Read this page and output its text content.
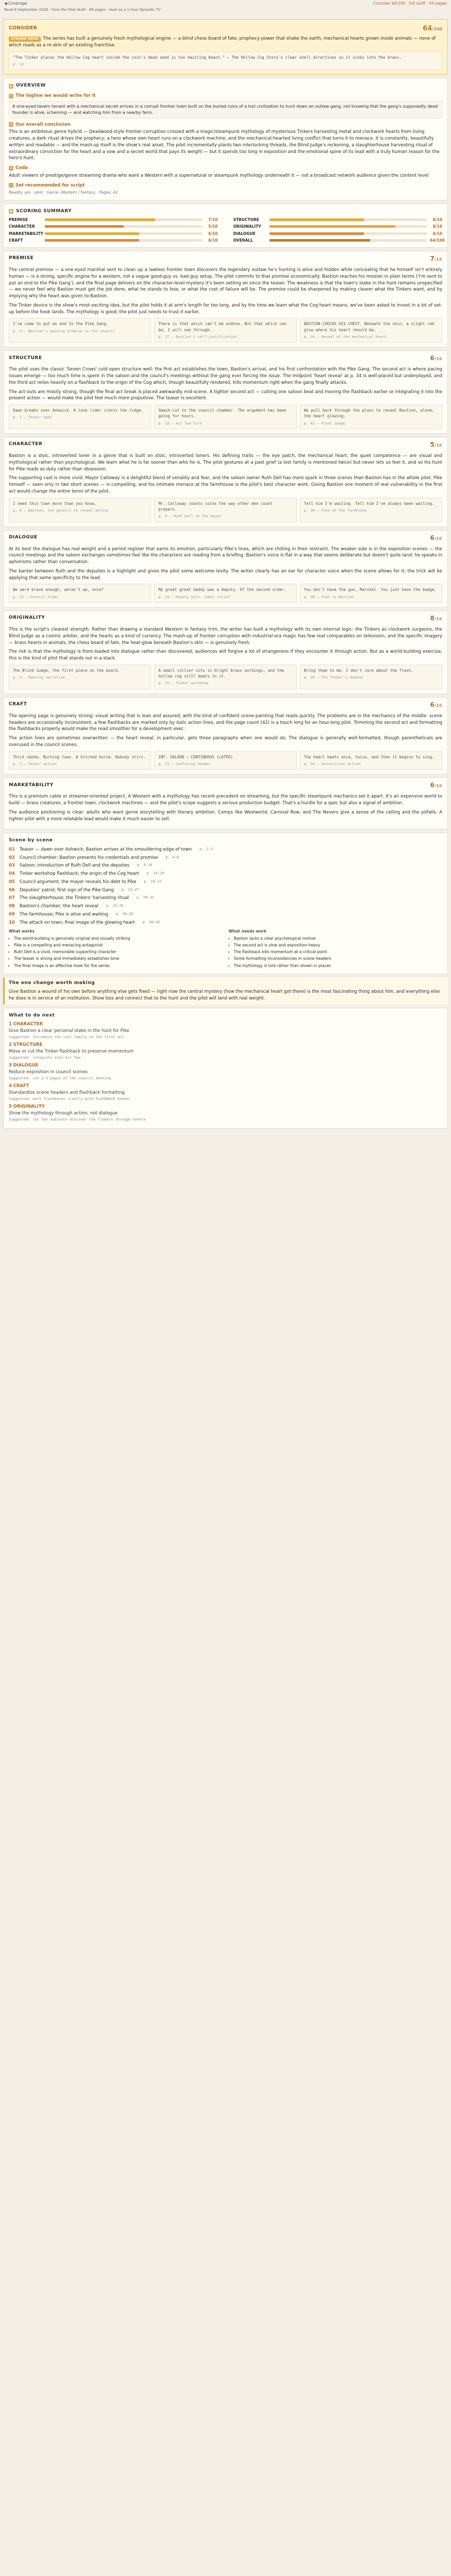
◀ Coverage	Consider 64/100 · full draft · 44 pages
Read 6 September 2026 · from the Pilot draft · 89 pages · read as a 1-hour Episodic TV
CONSIDER	64/100
STRONG HOOK The series has built a genuinely fresh mythological engine — a blind chess board of fate, prophecy power that shake the earth, mechanical hearts grown inside animals — none of which reads as a re-skin of an existing franchise.
"The Tinker places the Hollow Cog heart inside the coin's dead seed is too dazzling beast." — The Hollow Cog Story's clear shell directives so it sinks into the brass.
p. 12
▤ OVERVIEW
✎ The logline we would write for it
A one-eyed tavern tenant with a mechanical secret arrives in a corrupt frontier town built on the buried ruins of a lost civilization to hunt down an outlaw gang, not knowing that the gang's supposedly dead founder is alive, scheming — and watching him from a nearby farm.
◎ Our overall conclusion
This is an ambitious genre hybrid — Deadwood-style frontier corruption crossed with a magic/steampunk mythology of mysterious Tinkers harvesting metal and clockwork hearts from living creatures; a dark ritual drives the prophecy; a hero whose own heart runs on a clockwork machine; and the mechanical-hearted living conflict that turns it to menace. It is constantly, beautifully written and readable — and the mash-up itself is the show's real asset. The pilot incrementally plants two interlocking threads, the Blind Judge's reckoning, a slaughterhouse harvesting ritual of extraordinary conviction for the heart and a vow and a secret world that pays its weight — but it spends too long in exposition and the emotional spine of its lead with a truly human reason for the hero's hunt.
★ Coda
Adult viewers of prestige/genre streaming drama who want a Western with a supernatural or steampunk mythology underneath it — not a broadcast network audience given the content level
✓ Set recommended for script
Readily yes · pilot · Genre: Western / Fantasy · Pages: 42
▦ SCORING SUMMARY
PREMISE	7/10	STRUCTURE	6/10
CHARACTER	5/10	ORIGINALITY	8/10
MARKETABILITY	6/10	DIALOGUE	6/10
CRAFT	6/10	OVERALL	64/100
PREMISE	7/10

The central premise — a one-eyed marshal sent to clean up a lawless frontier town discovers the legendary outlaw he's hunting is alive and hidden while concealing that he himself isn't entirely human — is a strong, specific engine for a western, not a vague good-guy vs. bad-guy setup. The pilot commits to that premise economically: Bastion reaches his mission in plain terms ('I'm sent to put an end to the Pike Gang'), and the final page delivers on the character-level mystery it's been setting on since the teaser. The weakness is that the town's stake in the hunt remains unspecified — we never feel why Bastion must get the job done, what he stands to lose, or what the cost of failure will be. The premise could be sharpened by making clearer what the Tinkers want, and by implying why the heart was given to Bastion.

The Tinker device is the show's most exciting idea, but the pilot holds it at arm's length for too long, and by the time we learn what the Cog heart means, we've been asked to invest in a lot of set-up before the hook lands. The mythology is good; the pilot just needs to trust it earlier.

I've come to put an end to the Pike Gang.
p. 4 — Bastion's opening promise to the council
There is that which can't be undone. But that which can be, I will see through.
p. 17 — Bastion's self-justification
BASTION CHECKS HIS CHEST. Beneath the skin, a slight red glow where his heart should be.
p. 34 — Reveal of the mechanical heart
STRUCTURE	6/10

The pilot uses the classic 'Seven Crows' cold open structure well: the first act establishes the town, Bastion's arrival, and his first confrontation with the Pike Gang. The second act is where pacing issues emerge — too much time is spent in the saloon and the council's meetings without the gang ever forcing the issue. The midpoint 'heart reveal' at p. 34 is well-placed but underplayed, and the third act relies heavily on a flashback to the origin of the Cog which, though beautifully rendered, kills momentum right when the gang finally attacks.

The act-outs are mostly strong, though the final act break is placed awkwardly mid-scene. A tighter second act — cutting one saloon beat and moving the flashback earlier or integrating it into the present action — would make the pilot feel much more propulsive. The teaser is excellent.

Dawn breaks over Ashwick. A lone rider crests the ridge.
p. 1 — Teaser open
Smash-cut to the council chamber. The argument has been going for hours.
p. 19 — Act Two turn
We pull back through the glass to reveal Bastion, alone, the heart glowing.
p. 41 — Final image
CHARACTER	5/10

Bastion is a stoic, introverted loner in a genre that is built on stoic, introverted loners. His defining traits — the eye patch, the mechanical heart, the quiet competence — are visual and mythological rather than psychological. We learn what he is far sooner than who he is. The pilot gestures at a past grief (a lost family is mentioned twice) but never lets us feel it, and so his hunt for Pike reads as duty rather than obsession.

The supporting cast is more vivid: Mayor Calloway is a delightful blend of venality and fear, and the saloon owner Ruth Dell has more spark in three scenes than Bastion has in the whole pilot. Pike himself — seen only in two short scenes — is compelling, and his intimate menace at the farmhouse is the pilot's best character work. Giving Bastion one moment of real vulnerability in the first act would change the entire tenor of the pilot.

I need this town more than you know.
p. 6 — Bastion, too generic to reveal motive
Mr. Calloway counts coins the way other men count prayers.
p. 9 — Ruth Dell on the mayor
Tell him I'm waiting. Tell him I've always been waiting.
p. 38 — Pike at the farmhouse
DIALOGUE	6/10

At its best the dialogue has real weight and a period register that earns its emotion, particularly Pike's lines, which are chilling in their restraint. The weaker side is in the exposition scenes — the council meetings and the saloon exchanges sometimes feel like the characters are reading from a briefing. Bastion's voice is flat in a way that seems deliberate but doesn't quite land; he speaks in aphorisms rather than conversation.

The banter between Ruth and the deputies is a highlight and gives the pilot some welcome levity. The writer clearly has an ear for character voice when the scene allows for it; the trick will be applying that same specificity to the lead.

We were brave enough, weren't we, once?
p. 12 — Council elder
My great great daddy was a deputy. Of the second order.
p. 23 — Deputy Hale, comic relief
You don't have the gun, Marshal. You just have the badge.
p. 36 — Pike to Bastion
ORIGINALITY	8/10

This is the script's clearest strength. Rather than drawing a standard Western in fantasy trim, the writer has built a mythology with its own internal logic: the Tinkers as clockwork surgeons, the Blind Judge as a cosmic arbiter, and the hearts as a kind of currency. The mash-up of frontier corruption with industrial-era magic has few real comparables on television, and the specific imagery — brass hearts in animals, the chess board of fate, the heat-glow beneath Bastion's skin — is genuinely fresh.

The risk is that the mythology is front-loaded into dialogue rather than discovered; audiences will forgive a lot of strangeness if they encounter it through action. But as a world-building exercise, this is the kind of pilot that stands out in a stack.

The Blind Judge, the first piece on the board.
p. 3 — Opening narration
A small collier sits in bright brass workings, and the hollow cog still beats in it.
p. 15 — Tinker workshop
Bring them to me. I don't care about the flesh.
p. 30 — The Tinker's demand
CRAFT	6/10

The opening page is genuinely strong: visual writing that is lean and assured, with the kind of confident scene-painting that reads quickly. The problems are in the mechanics of the middle: scene headers are occasionally inconsistent, a few flashbacks are marked only by italic action lines, and the page count (42) is a touch long for an hour-long pilot. Trimming the second act and formatting the flashbacks properly would make the read smoother for a development exec.

The action lines are sometimes overwritten — the heart reveal, in particular, gets three paragraphs when one would do. The dialogue is generally well-formatted, though parentheticals are overused in the council scenes.

Thick smoke. Burning town. A hitched horse. Nobody stirs.
p. 1 — Teaser action
INT. SALOON — CONTINUOUS (LATER)
p. 21 — Confusing header
The heart beats once, twice, and then it begins to sing.
p. 34 — Overwritten action
MARKETABILITY	6/10

This is a premium cable or streamer-oriented project. A Western with a mythology has recent precedent on streaming, but the specific steampunk mechanics set it apart. It's an expensive world to build — brass creatures, a frontier town, clockwork machines — and the pilot's scope suggests a serious production budget. That's a hurdle for a spec but also a signal of ambition.

The audience positioning is clear: adults who want genre storytelling with literary ambition. Comps like Westworld, Carnival Row, and The Nevers give a sense of the ceiling and the pitfalls. A tighter pilot with a more relatable lead would make it much easier to sell.

Scene by scene
01	Teaser — dawn over Ashwick; Bastion arrives at the smouldering edge of town p. 1–3
02	Council chamber; Bastion presents his credentials and promise p. 4–8
03	Saloon; introduction of Ruth Dell and the deputies p. 9–14
04	Tinker workshop flashback; the origin of the Cog heart p. 15–18
05	Council argument; the mayor reveals his debt to Pike p. 19–22
06	Deputies' patrol; first sign of the Pike Gang p. 23–27
07	The slaughterhouse; the Tinkers' harvesting ritual p. 28–32
08	Bastion's chamber; the heart reveal p. 33–35
09	The farmhouse; Pike is alive and waiting p. 36–39
10	The attack on town; final image of the glowing heart p. 40–42
What works
• The world-building is genuinely original and visually striking
• Pike is a compelling and menacing antagonist
• Ruth Dell is a vivid, memorable supporting character
• The teaser is strong and immediately establishes tone
• The final image is an effective hook for the series
What needs work
• Bastion lacks a clear psychological motive
• The second act is slow and exposition-heavy
• The flashback kills momentum at a critical point
• Some formatting inconsistencies in scene headers
• The mythology is told rather than shown in places
The one change worth making
Give Bastion a wound of his own before anything else gets fixed — right now the central mystery (how the mechanical heart got there) is the most fascinating thing about him, and everything else he does is in service of an institution. Show loss and connect that to the hunt and the pilot will land with real weight.
What to do next
1 CHARACTER
Give Bastion a clear personal stake in the hunt for Pike
Suggested: introduce the lost family in the first act
2 STRUCTURE
Move or cut the Tinker flashback to preserve momentum
Suggested: integrate into Act Two
3 DIALOGUE
Reduce exposition in council scenes
Suggested: cut 2-3 pages of the council meeting
4 CRAFT
Standardise scene headers and flashback formatting
Suggested: mark flashbacks clearly with FLASHBACK header
5 ORIGINALITY
Show the mythology through action, not dialogue
Suggested: let the audience discover the Tinkers through events
